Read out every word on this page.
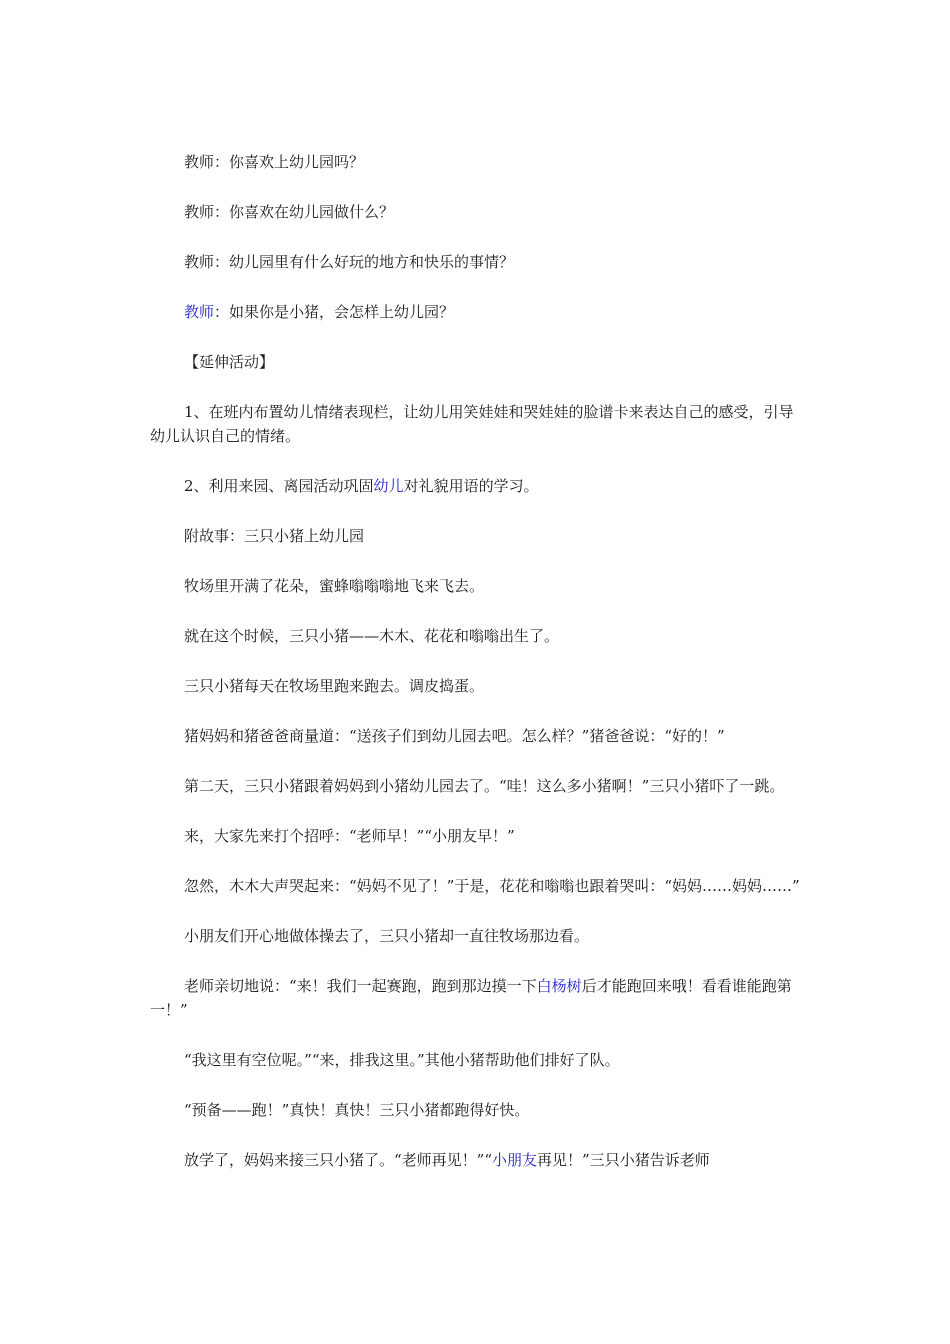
教师：你喜欢上幼儿园吗？

教师：你喜欢在幼儿园做什么？

教师：幼儿园里有什么好玩的地方和快乐的事情？

教师：如果你是小猪，会怎样上幼儿园？

【延伸活动】

1、在班内布置幼儿情绪表现栏，让幼儿用笑娃娃和哭娃娃的脸谱卡来表达自己的感受，引导幼儿认识自己的情绪。

2、利用来园、离园活动巩固幼儿对礼貌用语的学习。

附故事：三只小猪上幼儿园

牧场里开满了花朵，蜜蜂嗡嗡嗡地飞来飞去。

就在这个时候，三只小猪——木木、花花和嗡嗡出生了。

三只小猪每天在牧场里跑来跑去。调皮捣蛋。

猪妈妈和猪爸爸商量道：“送孩子们到幼儿园去吧。怎么样？”猪爸爸说：“好的！”

第二天，三只小猪跟着妈妈到小猪幼儿园去了。“哇！这么多小猪啊！”三只小猪吓了一跳。

来，大家先来打个招呼：“老师早！”“小朋友早！”

忽然，木木大声哭起来：“妈妈不见了！”于是，花花和嗡嗡也跟着哭叫：“妈妈……妈妈……”

小朋友们开心地做体操去了，三只小猪却一直往牧场那边看。

老师亲切地说：“来！我们一起赛跑，跑到那边摸一下白杨树后才能跑回来哦！看看谁能跑第一！”

“我这里有空位呢。”“来，排我这里。”其他小猪帮助他们排好了队。

“预备——跑！”真快！真快！三只小猪都跑得好快。

放学了，妈妈来接三只小猪了。“老师再见！”“小朋友再见！”三只小猪告诉老师
